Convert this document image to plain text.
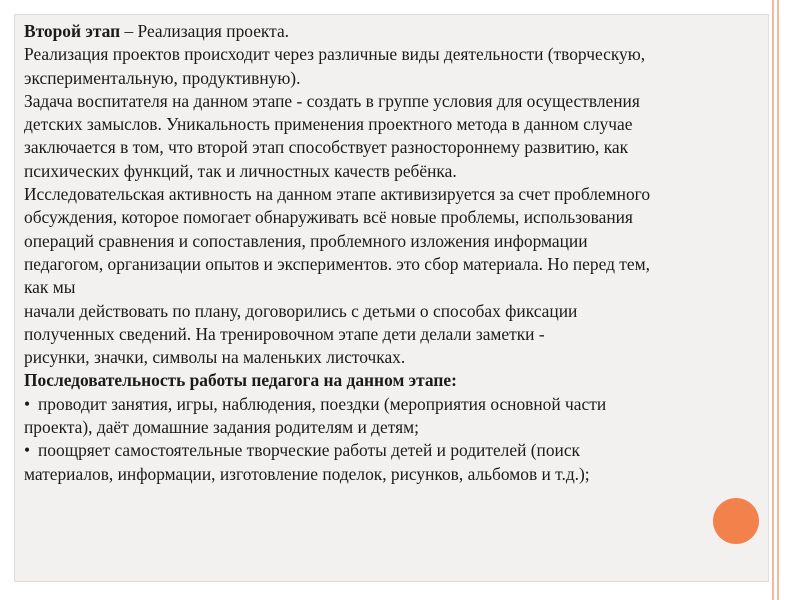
Второй этап – Реализация проекта.

Реализация проектов происходит через различные виды деятельности (творческую,

экспериментальную, продуктивную).

Задача воспитателя на данном этапе - создать в группе условия для осуществления

детских замыслов. Уникальность применения проектного метода в данном случае

заключается в том, что второй этап способствует разностороннему развитию, как

психических функций, так и личностных качеств ребёнка.

Исследовательская активность на данном этапе активизируется за счет проблемного

обсуждения, которое помогает обнаруживать всё новые проблемы, использования

операций сравнения и сопоставления, проблемного изложения информации

педагогом, организации опытов и экспериментов. это сбор материала. Но перед тем,

как мы

начали действовать по плану, договорились с детьми о способах фиксации

полученных сведений. На тренировочном этапе дети делали заметки -

рисунки, значки, символы на маленьких листочках.

Последовательность работы педагога на данном этапе:

• проводит занятия, игры, наблюдения, поездки (мероприятия основной части

проекта), даёт домашние задания родителям и детям;

• поощряет самостоятельные творческие работы детей и родителей (поиск

материалов, информации, изготовление поделок, рисунков, альбомов и т.д.);
